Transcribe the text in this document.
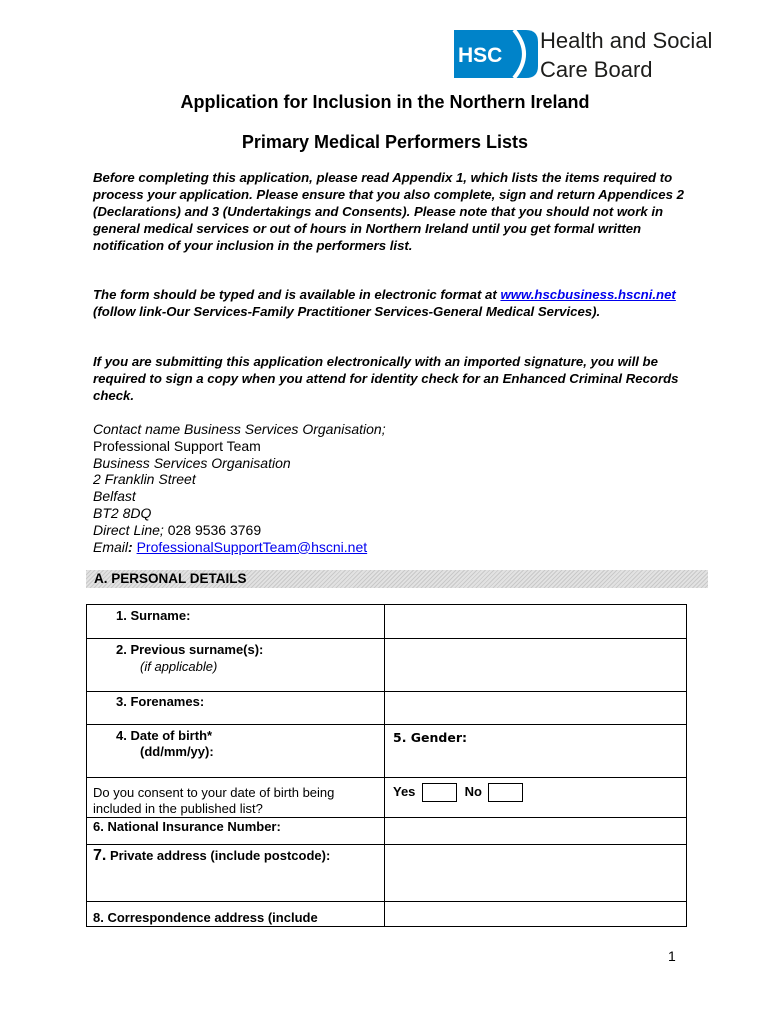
HSC
Health and Social
Care Board
Application for Inclusion in the Northern Ireland
Primary Medical Performers Lists
Before completing this application, please read Appendix 1, which lists the items required to process your application. Please ensure that you also complete, sign and return Appendices 2 (Declarations) and 3 (Undertakings and Consents). Please note that you should not work in general medical services or out of hours in Northern Ireland until you get formal written notification of your inclusion in the performers list.
The form should be typed and is available in electronic format at www.hscbusiness.hscni.net (follow link-Our Services-Family Practitioner Services-General Medical Services).
If you are submitting this application electronically with an imported signature, you will be required to sign a copy when you attend for identity check for an Enhanced Criminal Records check.
Contact name Business Services Organisation;
Professional Support Team
Business Services Organisation
2 Franklin Street
Belfast
BT2 8DQ
Direct Line; 028 9536 3769
Email: ProfessionalSupportTeam@hscni.net
A. PERSONAL DETAILS
1. Surname:
2. Previous surname(s):
(if applicable)
3. Forenames:
4. Date of birth*
(dd/mm/yy):
5. Gender:
Do you consent to your date of birth being included in the published list?
Yes	No
6. National Insurance Number:
7. Private address (include postcode):
8. Correspondence address (include
1
